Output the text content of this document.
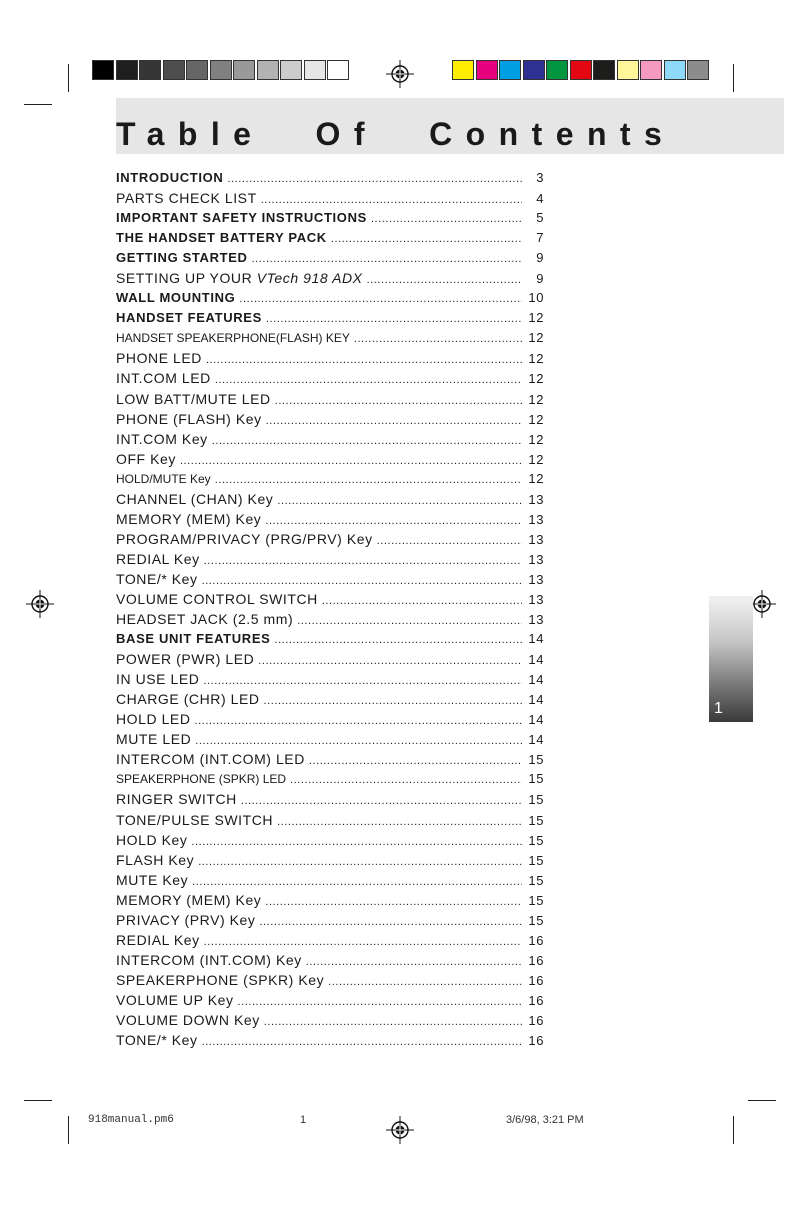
Table Of Contents
INTRODUCTION .....	3
PARTS CHECK LIST .....	4
IMPORTANT SAFETY INSTRUCTIONS .....	5
THE HANDSET BATTERY PACK .....	7
GETTING STARTED .....	9
SETTING UP YOUR VTech 918 ADX .....	9
WALL MOUNTING .....	10
HANDSET FEATURES .....	12
HANDSET SPEAKERPHONE(FLASH) KEY .....	12
PHONE LED .....	12
INT.COM LED .....	12
LOW BATT/MUTE LED .....	12
PHONE (FLASH) Key .....	12
INT.COM Key .....	12
OFF Key .....	12
HOLD/MUTE Key .....	12
CHANNEL (CHAN) Key .....	13
MEMORY (MEM) Key .....	13
PROGRAM/PRIVACY (PRG/PRV) Key .....	13
REDIAL Key .....	13
TONE/* Key .....	13
VOLUME CONTROL SWITCH .....	13
HEADSET JACK (2.5 mm) .....	13
BASE UNIT FEATURES .....	14
POWER (PWR) LED .....	14
IN USE LED .....	14
CHARGE (CHR) LED .....	14
HOLD LED .....	14
MUTE LED .....	14
INTERCOM (INT.COM) LED .....	15
SPEAKERPHONE (SPKR) LED .....	15
RINGER SWITCH .....	15
TONE/PULSE SWITCH .....	15
HOLD Key .....	15
FLASH Key .....	15
MUTE Key .....	15
MEMORY (MEM) Key .....	15
PRIVACY (PRV) Key .....	15
REDIAL Key .....	16
INTERCOM (INT.COM) Key .....	16
SPEAKERPHONE (SPKR) Key .....	16
VOLUME UP Key .....	16
VOLUME DOWN Key .....	16
TONE/* Key .....	16
1
918manual.pm6	1	3/6/98, 3:21 PM
